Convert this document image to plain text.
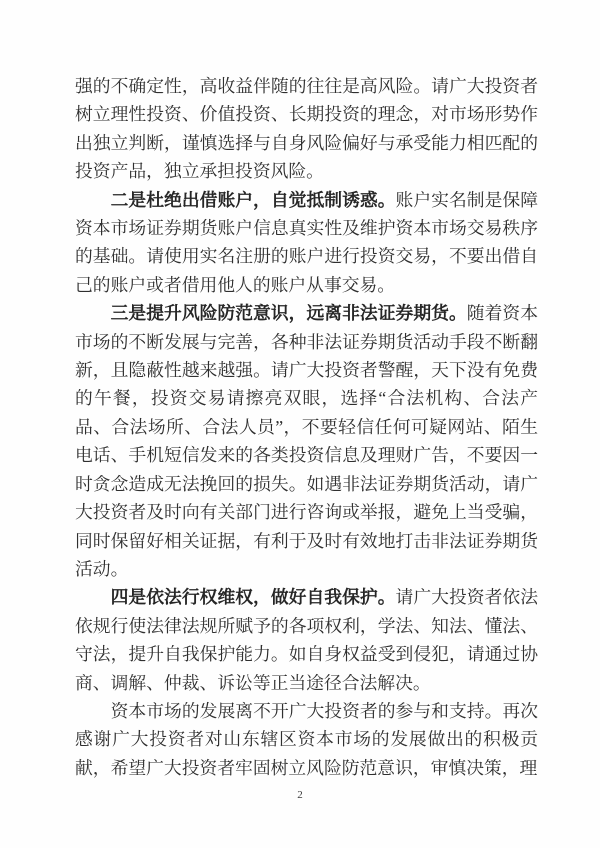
强的不确定性，高收益伴随的往往是高风险。请广大投资者树立理性投资、价值投资、长期投资的理念，对市场形势作出独立判断，谨慎选择与自身风险偏好与承受能力相匹配的投资产品，独立承担投资风险。

二是杜绝出借账户，自觉抵制诱惑。账户实名制是保障资本市场证券期货账户信息真实性及维护资本市场交易秩序的基础。请使用实名注册的账户进行投资交易，不要出借自己的账户或者借用他人的账户从事交易。

三是提升风险防范意识，远离非法证券期货。随着资本市场的不断发展与完善，各种非法证券期货活动手段不断翻新，且隐蔽性越来越强。请广大投资者警醒，天下没有免费的午餐，投资交易请擦亮双眼，选择“合法机构、合法产品、合法场所、合法人员”，不要轻信任何可疑网站、陌生电话、手机短信发来的各类投资信息及理财广告，不要因一时贪念造成无法挽回的损失。如遇非法证券期货活动，请广大投资者及时向有关部门进行咨询或举报，避免上当受骗，同时保留好相关证据，有利于及时有效地打击非法证券期货活动。

四是依法行权维权，做好自我保护。请广大投资者依法依规行使法律法规所赋予的各项权利，学法、知法、懂法、守法，提升自我保护能力。如自身权益受到侵犯，请通过协商、调解、仲裁、诉讼等正当途径合法解决。

资本市场的发展离不开广大投资者的参与和支持。再次感谢广大投资者对山东辖区资本市场的发展做出的积极贡献，希望广大投资者牢固树立风险防范意识，审慎决策，理

2
